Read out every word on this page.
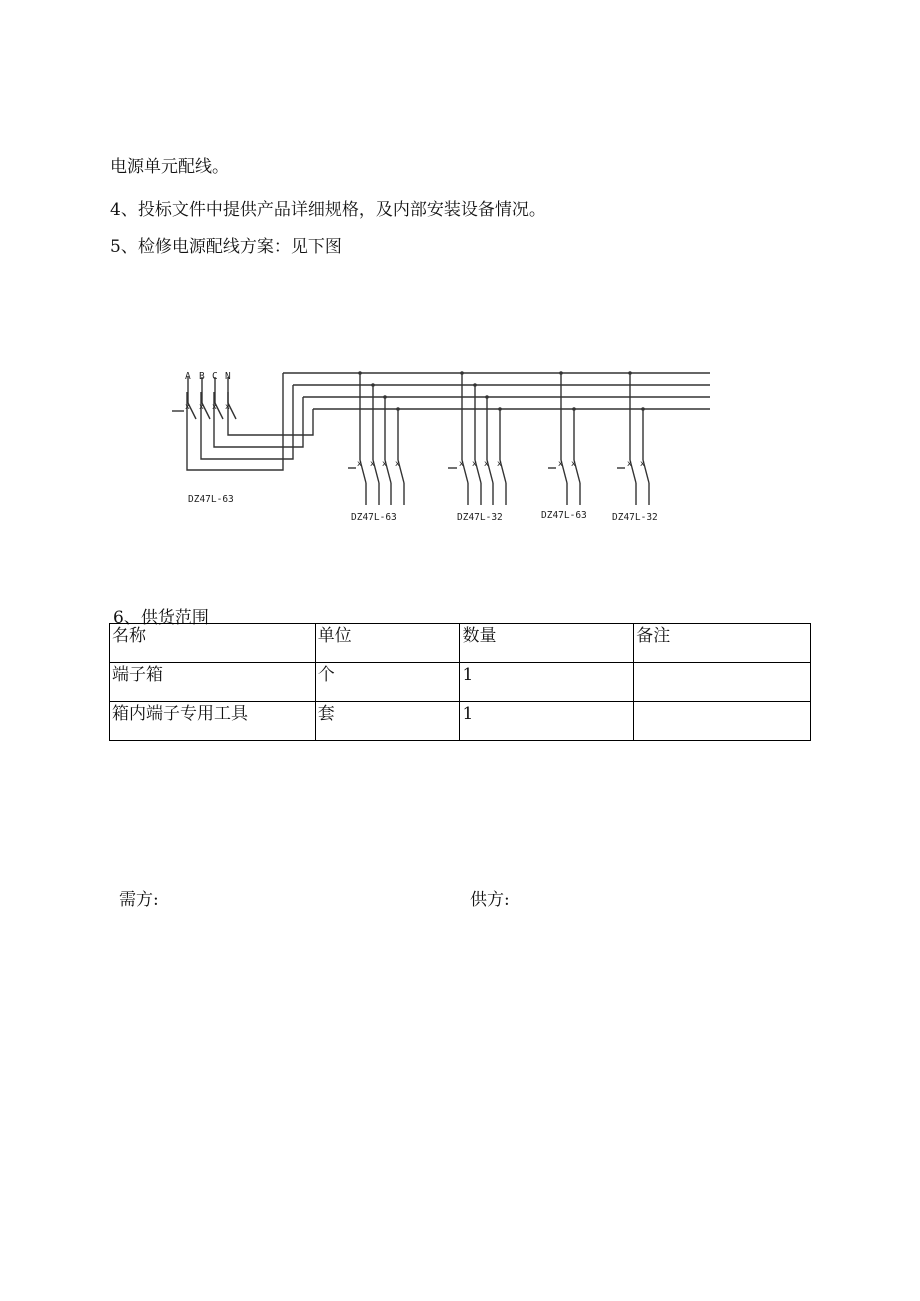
电源单元配线。
4、投标文件中提供产品详细规格，及内部安装设备情况。
5、检修电源配线方案：见下图
x x x x
x x x x	x x x x	x x	x x
A B C N
DZ47L-63
DZ47L-63	DZ47L-32	DZ47L-63	DZ47L-32
6、供货范围
名称	单位	数量	备注
端子箱	个	1	
箱内端子专用工具	套	1	
需方:	供方:
